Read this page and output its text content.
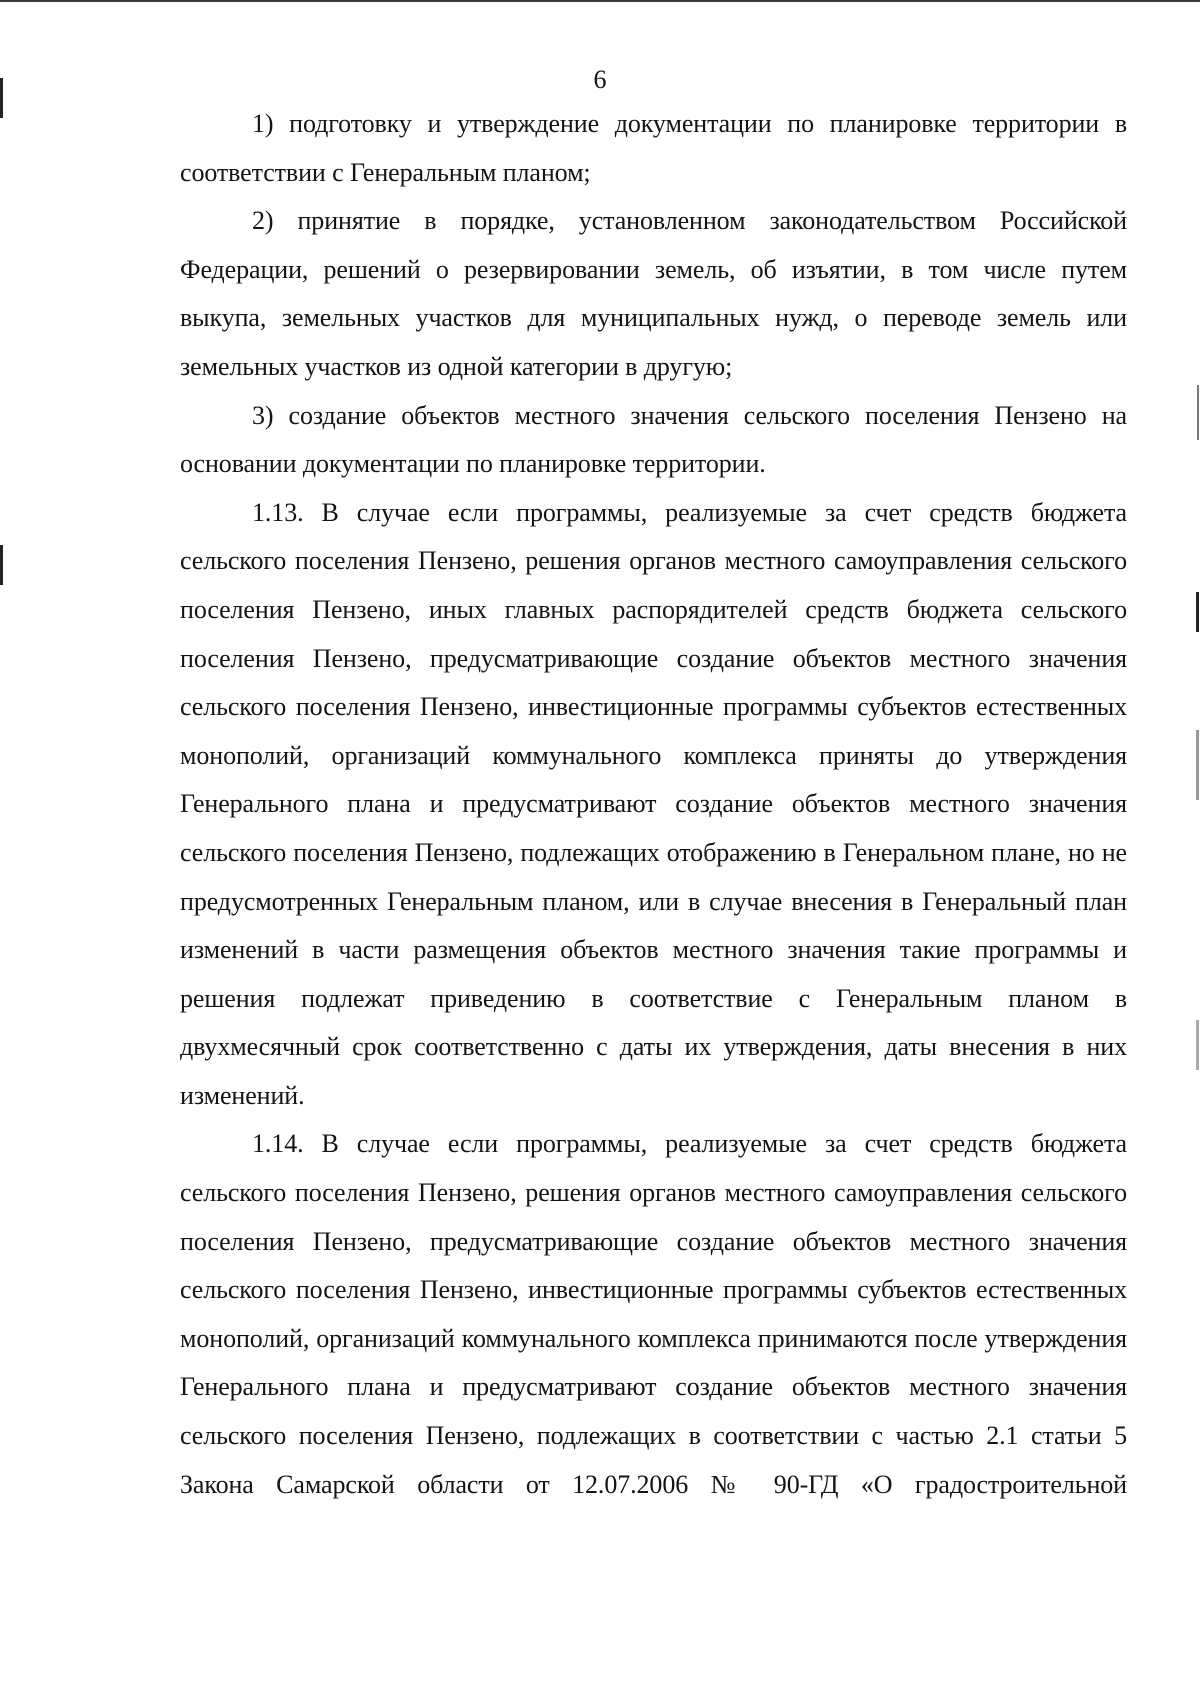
6

1) подготовку и утверждение документации по планировке территории в соответствии с Генеральным планом;

2) принятие в порядке, установленном законодательством Российской Федерации, решений о резервировании земель, об изъятии, в том числе путем выкупа, земельных участков для муниципальных нужд, о переводе земель или земельных участков из одной категории в другую;

3) создание объектов местного значения сельского поселения Пензено на основании документации по планировке территории.

1.13. В случае если программы, реализуемые за счет средств бюджета сельского поселения Пензено, решения органов местного самоуправления сельского поселения Пензено, иных главных распорядителей средств бюджета сельского поселения Пензено, предусматривающие создание объектов местного значения сельского поселения Пензено, инвестиционные программы субъектов естественных монополий, организаций коммунального комплекса приняты до утверждения Генерального плана и предусматривают создание объектов местного значения сельского поселения Пензено, подлежащих отображению в Генеральном плане, но не предусмотренных Генеральным планом, или в случае внесения в Генеральный план изменений в части размещения объектов местного значения такие программы и решения подлежат приведению в соответствие с Генеральным планом в двухмесячный срок соответственно с даты их утверждения, даты внесения в них изменений.

1.14. В случае если программы, реализуемые за счет средств бюджета сельского поселения Пензено, решения органов местного самоуправления сельского поселения Пензено, предусматривающие создание объектов местного значения сельского поселения Пензено, инвестиционные программы субъектов естественных монополий, организаций коммунального комплекса принимаются после утверждения Генерального плана и предусматривают создание объектов местного значения сельского поселения Пензено, подлежащих в соответствии с частью 2.1 статьи 5 Закона Самарской области от 12.07.2006 № 90-ГД «О градостроительной
